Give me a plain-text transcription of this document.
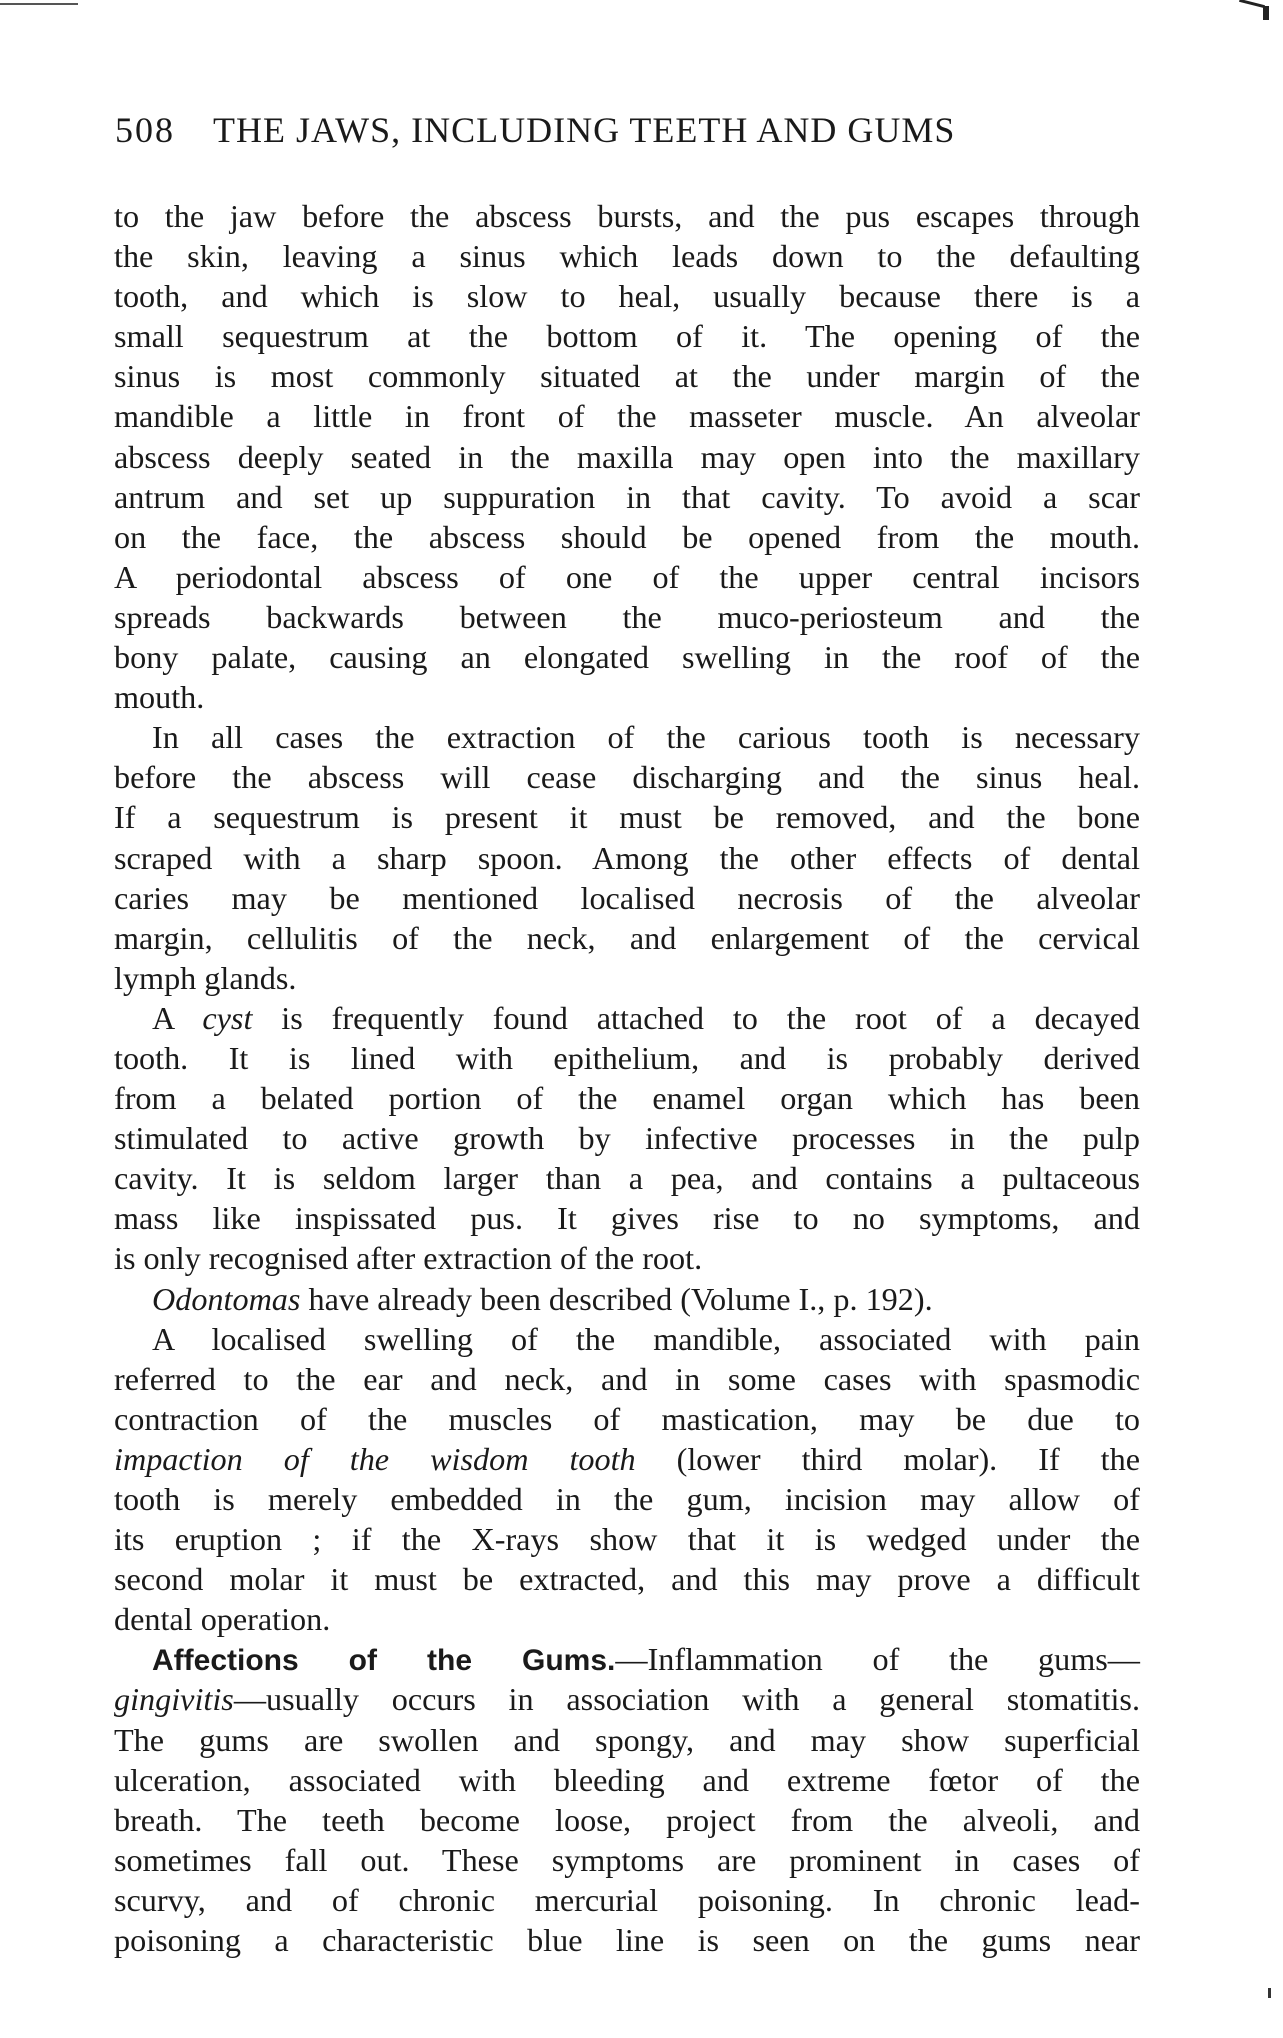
508 THE JAWS, INCLUDING TEETH AND GUMS
to the jaw before the abscess bursts, and the pus escapes through
the skin, leaving a sinus which leads down to the defaulting
tooth, and which is slow to heal, usually because there is a
small sequestrum at the bottom of it. The opening of the
sinus is most commonly situated at the under margin of the
mandible a little in front of the masseter muscle. An alveolar
abscess deeply seated in the maxilla may open into the maxillary
antrum and set up suppuration in that cavity. To avoid a scar
on the face, the abscess should be opened from the mouth.
A periodontal abscess of one of the upper central incisors
spreads backwards between the muco-periosteum and the
bony palate, causing an elongated swelling in the roof of the
mouth.
In all cases the extraction of the carious tooth is necessary
before the abscess will cease discharging and the sinus heal.
If a sequestrum is present it must be removed, and the bone
scraped with a sharp spoon. Among the other effects of dental
caries may be mentioned localised necrosis of the alveolar
margin, cellulitis of the neck, and enlargement of the cervical
lymph glands.
A cyst is frequently found attached to the root of a decayed
tooth. It is lined with epithelium, and is probably derived
from a belated portion of the enamel organ which has been
stimulated to active growth by infective processes in the pulp
cavity. It is seldom larger than a pea, and contains a pultaceous
mass like inspissated pus. It gives rise to no symptoms, and
is only recognised after extraction of the root.
Odontomas have already been described (Volume I., p. 192).
A localised swelling of the mandible, associated with pain
referred to the ear and neck, and in some cases with spasmodic
contraction of the muscles of mastication, may be due to
impaction of the wisdom tooth (lower third molar). If the
tooth is merely embedded in the gum, incision may allow of
its eruption ; if the X-rays show that it is wedged under the
second molar it must be extracted, and this may prove a difficult
dental operation.
Affections of the Gums.—Inflammation of the gums—
gingivitis—usually occurs in association with a general stomatitis.
The gums are swollen and spongy, and may show superficial
ulceration, associated with bleeding and extreme fœtor of the
breath. The teeth become loose, project from the alveoli, and
sometimes fall out. These symptoms are prominent in cases of
scurvy, and of chronic mercurial poisoning. In chronic lead-
poisoning a characteristic blue line is seen on the gums near
